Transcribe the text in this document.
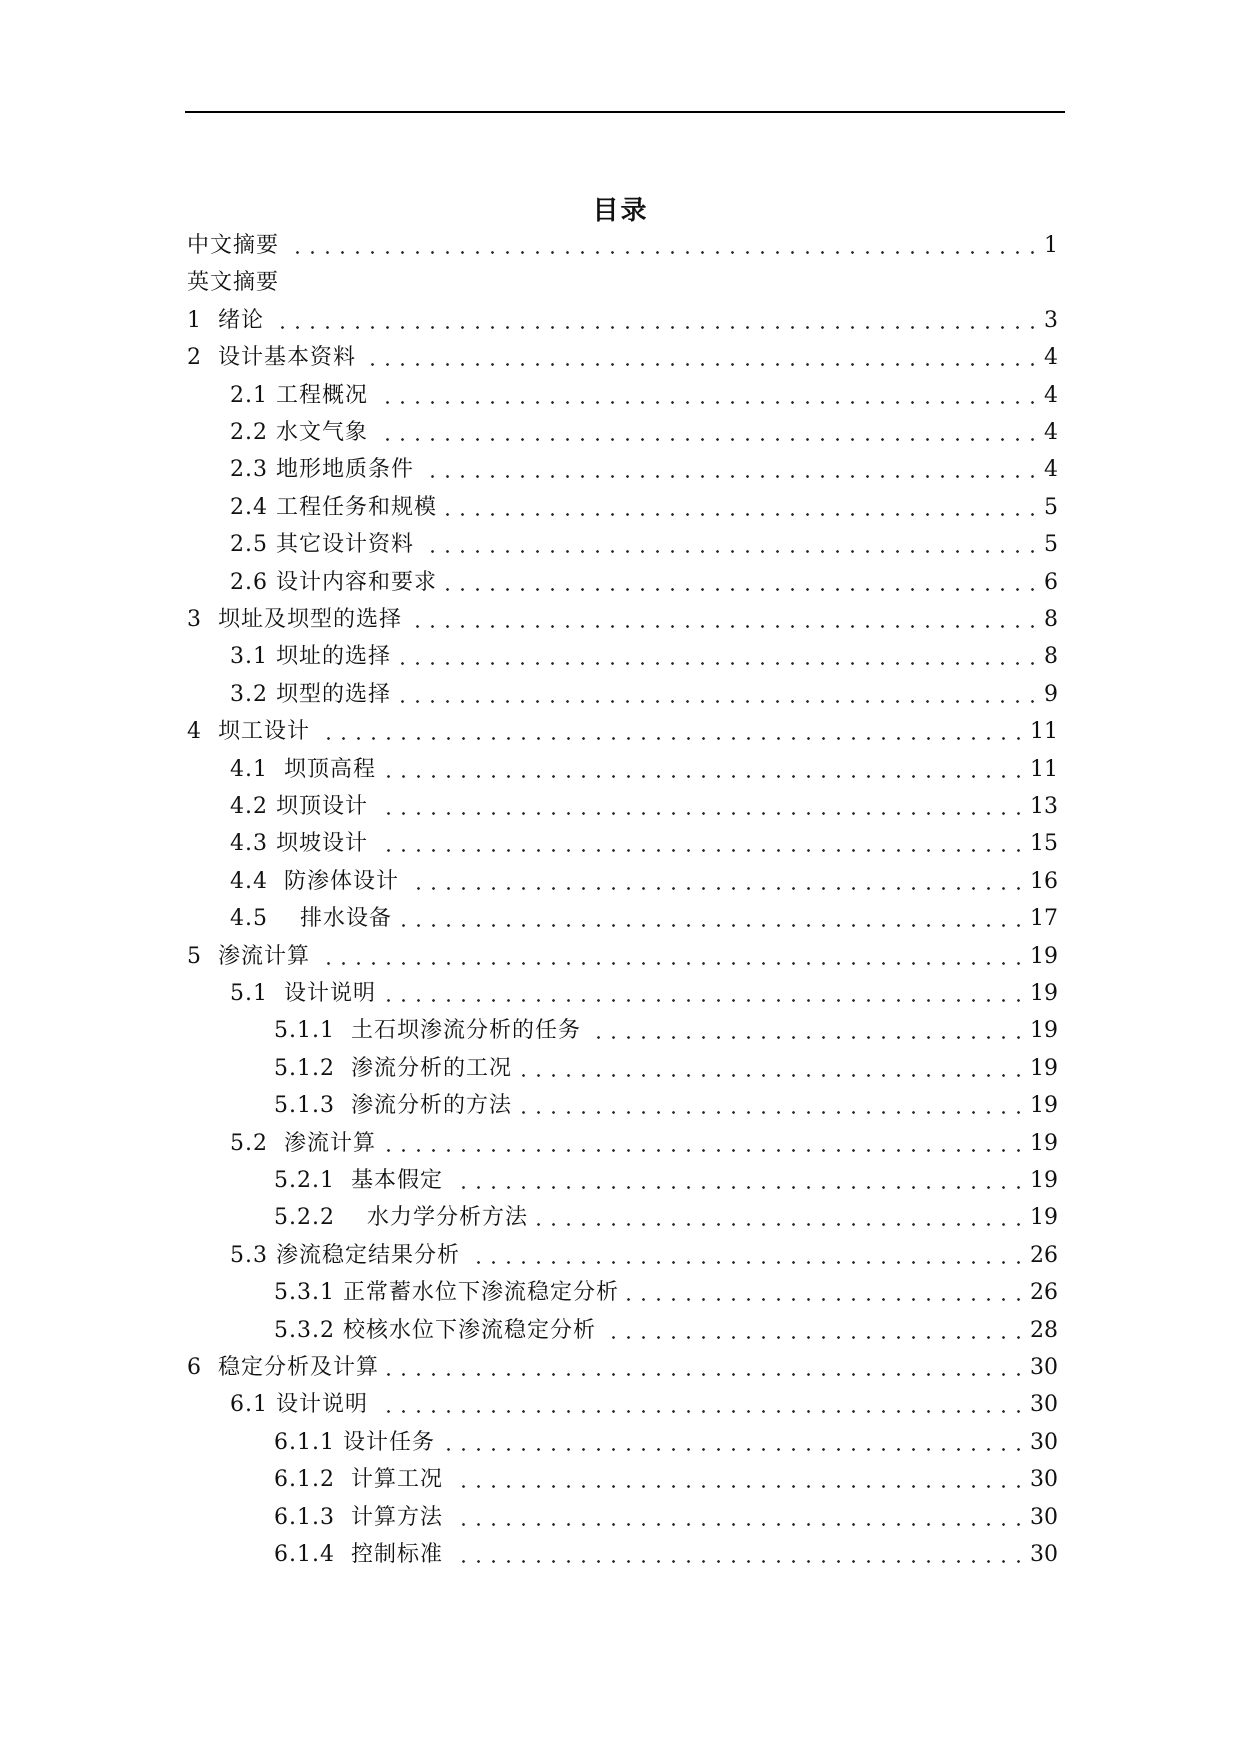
目录
中文摘要	1
英文摘要
1  绪论	3
2  设计基本资料	4
2.1 工程概况	4
2.2 水文气象	4
2.3 地形地质条件	4
2.4 工程任务和规模	5
2.5 其它设计资料	5
2.6 设计内容和要求	6
3  坝址及坝型的选择	8
3.1 坝址的选择	8
3.2 坝型的选择	9
4  坝工设计	11
4.1  坝顶高程	11
4.2 坝顶设计	13
4.3 坝坡设计	15
4.4  防渗体设计	16
4.5    排水设备	17
5  渗流计算	19
5.1  设计说明	19
5.1.1  土石坝渗流分析的任务	19
5.1.2  渗流分析的工况	19
5.1.3  渗流分析的方法	19
5.2  渗流计算	19
5.2.1  基本假定	19
5.2.2    水力学分析方法	19
5.3 渗流稳定结果分析	26
5.3.1 正常蓄水位下渗流稳定分析	26
5.3.2 校核水位下渗流稳定分析	28
6  稳定分析及计算	30
6.1 设计说明	30
6.1.1 设计任务	30
6.1.2  计算工况	30
6.1.3  计算方法	30
6.1.4  控制标准	30
